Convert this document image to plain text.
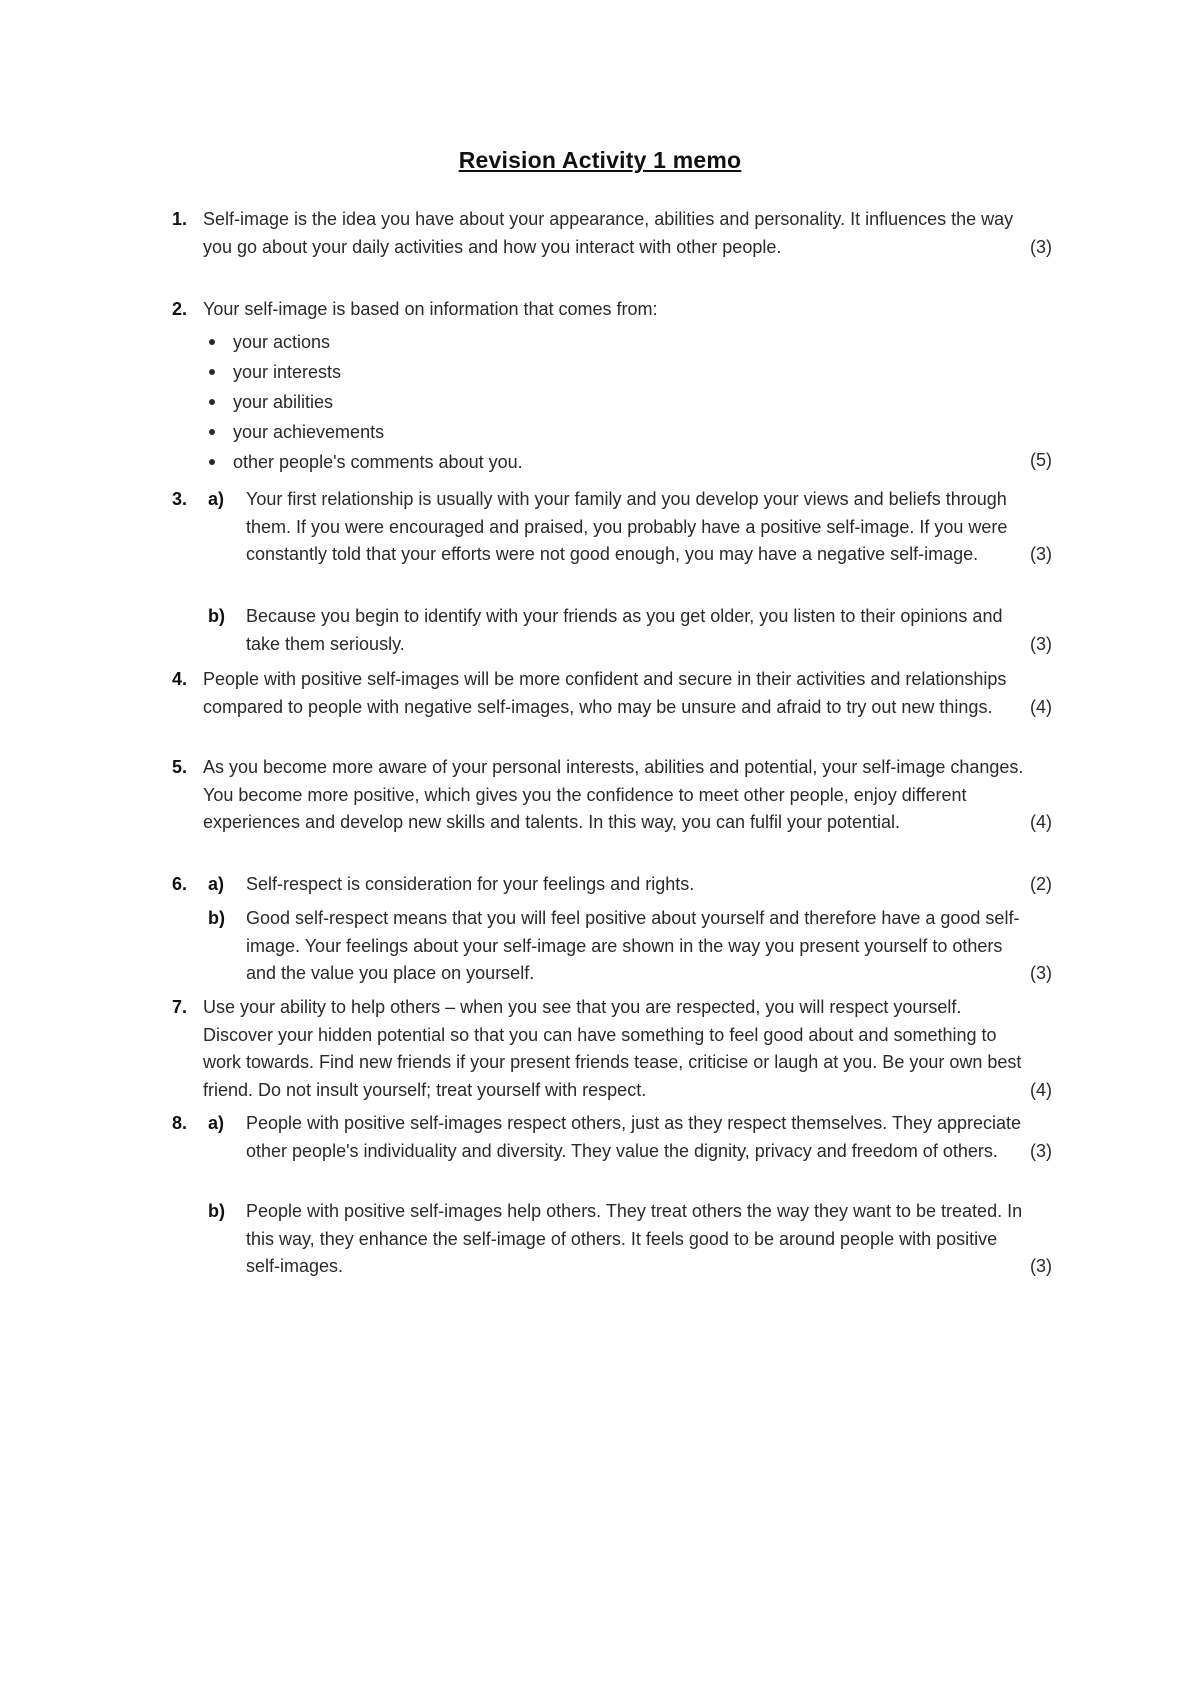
Revision Activity 1 memo
1. Self-image is the idea you have about your appearance, abilities and personality. It influences the way you go about your daily activities and how you interact with other people.	(3)
2. Your self-image is based on information that comes from:
your actions
your interests
your abilities
your achievements
other people's comments about you.	(5)
3. a) Your first relationship is usually with your family and you develop your views and beliefs through them. If you were encouraged and praised, you probably have a positive self-image. If you were constantly told that your efforts were not good enough, you may have a negative self-image.	(3)
b) Because you begin to identify with your friends as you get older, you listen to their opinions and take them seriously.	(3)
4. People with positive self-images will be more confident and secure in their activities and relationships compared to people with negative self-images, who may be unsure and afraid to try out new things.	(4)
5. As you become more aware of your personal interests, abilities and potential, your self-image changes. You become more positive, which gives you the confidence to meet other people, enjoy different experiences and develop new skills and talents. In this way, you can fulfil your potential.	(4)
6. a) Self-respect is consideration for your feelings and rights.	(2)
b) Good self-respect means that you will feel positive about yourself and therefore have a good self-image. Your feelings about your self-image are shown in the way you present yourself to others and the value you place on yourself.	(3)
7. Use your ability to help others – when you see that you are respected, you will respect yourself. Discover your hidden potential so that you can have something to feel good about and something to work towards. Find new friends if your present friends tease, criticise or laugh at you. Be your own best friend. Do not insult yourself; treat yourself with respect.	(4)
8. a) People with positive self-images respect others, just as they respect themselves. They appreciate other people's individuality and diversity. They value the dignity, privacy and freedom of others.	(3)
b) People with positive self-images help others. They treat others the way they want to be treated. In this way, they enhance the self-image of others. It feels good to be around people with positive self-images.	(3)
